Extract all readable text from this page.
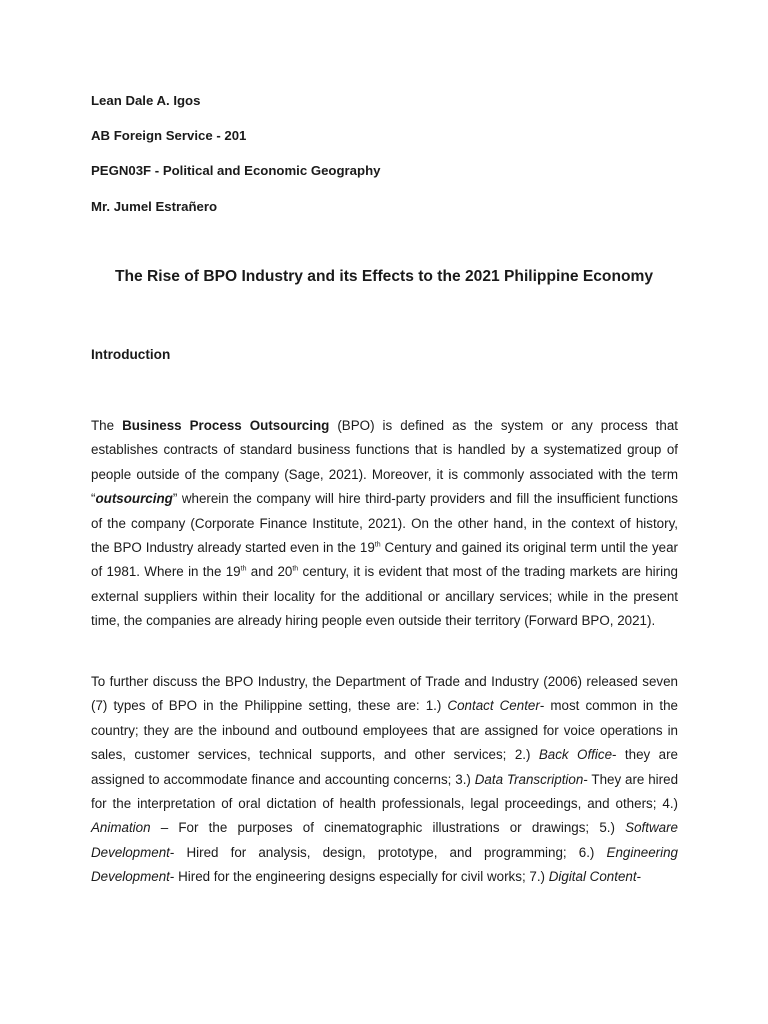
Lean Dale A. Igos
AB Foreign Service - 201
PEGN03F - Political and Economic Geography
Mr. Jumel Estrañero
The Rise of BPO Industry and its Effects to the 2021 Philippine Economy
Introduction

The Business Process Outsourcing (BPO) is defined as the system or any process that establishes contracts of standard business functions that is handled by a systematized group of people outside of the company (Sage, 2021). Moreover, it is commonly associated with the term “outsourcing” wherein the company will hire third-party providers and fill the insufficient functions of the company (Corporate Finance Institute, 2021). On the other hand, in the context of history, the BPO Industry already started even in the 19th Century and gained its original term until the year of 1981. Where in the 19th and 20th century, it is evident that most of the trading markets are hiring external suppliers within their locality for the additional or ancillary services; while in the present time, the companies are already hiring people even outside their territory (Forward BPO, 2021).

To further discuss the BPO Industry, the Department of Trade and Industry (2006) released seven (7) types of BPO in the Philippine setting, these are: 1.) Contact Center- most common in the country; they are the inbound and outbound employees that are assigned for voice operations in sales, customer services, technical supports, and other services; 2.) Back Office- they are assigned to accommodate finance and accounting concerns; 3.) Data Transcription- They are hired for the interpretation of oral dictation of health professionals, legal proceedings, and others; 4.) Animation – For the purposes of cinematographic illustrations or drawings; 5.) Software Development- Hired for analysis, design, prototype, and programming; 6.) Engineering Development- Hired for the engineering designs especially for civil works; 7.) Digital Content-
